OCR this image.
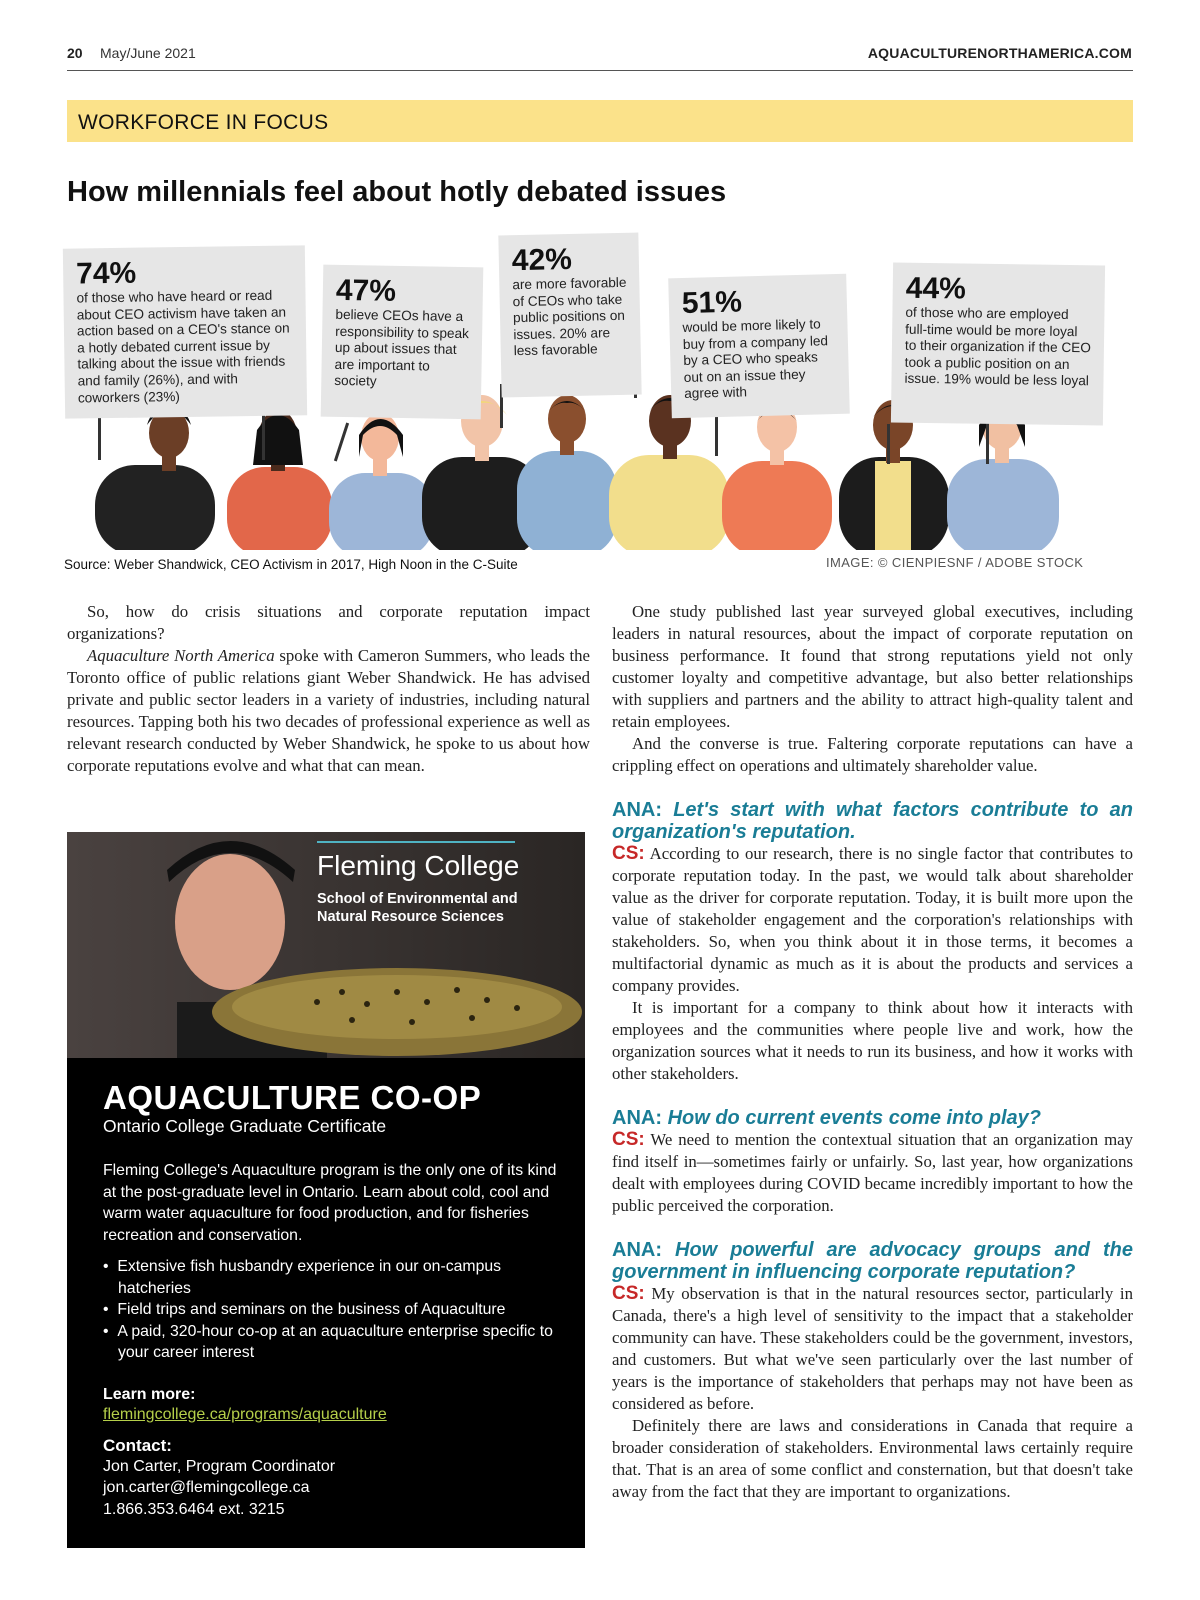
20 May/June 2021	AQUACULTURENORTHAMERICA.COM
WORKFORCE IN FOCUS
How millennials feel about hotly debated issues
74%
of those who have heard or read about CEO activism have taken an action based on a CEO's stance on a hotly debated current issue by talking about the issue with friends and family (26%), and with coworkers (23%)
47%
believe CEOs have a responsibility to speak up about issues that are important to society
42%
are more favorable of CEOs who take public positions on issues. 20% are less favorable
51%
would be more likely to buy from a company led by a CEO who speaks out on an issue they agree with
44%
of those who are employed full-time would be more loyal to their organization if the CEO took a public position on an issue. 19% would be less loyal
Source: Weber Shandwick, CEO Activism in 2017, High Noon in the C-Suite	IMAGE: © CIENPIESNF / ADOBE STOCK

So, how do crisis situations and corporate reputation impact organizations?

Aquaculture North America spoke with Cameron Summers, who leads the Toronto office of public relations giant Weber Shandwick. He has advised private and public sector leaders in a variety of industries, including natural resources. Tapping both his two decades of professional experience as well as relevant research conducted by Weber Shandwick, he spoke to us about how corporate reputations evolve and what that can mean.

Fleming College
School of Environmental and Natural Resource Sciences
AQUACULTURE CO-OP
Ontario College Graduate Certificate
Fleming College's Aquaculture program is the only one of its kind at the post-graduate level in Ontario. Learn about cold, cool and warm water aquaculture for food production, and for fisheries recreation and conservation.
•  Extensive fish husbandry experience in our on-campus hatcheries
•  Field trips and seminars on the business of Aquaculture
•  A paid, 320-hour co-op at an aquaculture enterprise specific to your career interest
Learn more:
flemingcollege.ca/programs/aquaculture
Contact:
Jon Carter, Program Coordinator
jon.carter@flemingcollege.ca
1.866.353.6464 ext. 3215

One study published last year surveyed global executives, including leaders in natural resources, about the impact of corporate reputation on business performance. It found that strong reputations yield not only customer loyalty and competitive advantage, but also better relationships with suppliers and partners and the ability to attract high-quality talent and retain employees.

And the converse is true. Faltering corporate reputations can have a crippling effect on operations and ultimately shareholder value.

ANA: Let's start with what factors contribute to an organization's reputation.

CS: According to our research, there is no single factor that contributes to corporate reputation today. In the past, we would talk about shareholder value as the driver for corporate reputation. Today, it is built more upon the value of stakeholder engagement and the corporation's relationships with stakeholders. So, when you think about it in those terms, it becomes a multifactorial dynamic as much as it is about the products and services a company provides.

It is important for a company to think about how it interacts with employees and the communities where people live and work, how the organization sources what it needs to run its business, and how it works with other stakeholders.

ANA: How do current events come into play?

CS: We need to mention the contextual situation that an organization may find itself in—sometimes fairly or unfairly. So, last year, how organizations dealt with employees during COVID became incredibly important to how the public perceived the corporation.

ANA: How powerful are advocacy groups and the government in influencing corporate reputation?

CS: My observation is that in the natural resources sector, particularly in Canada, there's a high level of sensitivity to the impact that a stakeholder community can have. These stakeholders could be the government, investors, and customers. But what we've seen particularly over the last number of years is the importance of stakeholders that perhaps may not have been as considered as before.

Definitely there are laws and considerations in Canada that require a broader consideration of stakeholders. Environmental laws certainly require that. That is an area of some conflict and consternation, but that doesn't take away from the fact that they are important to organizations.
